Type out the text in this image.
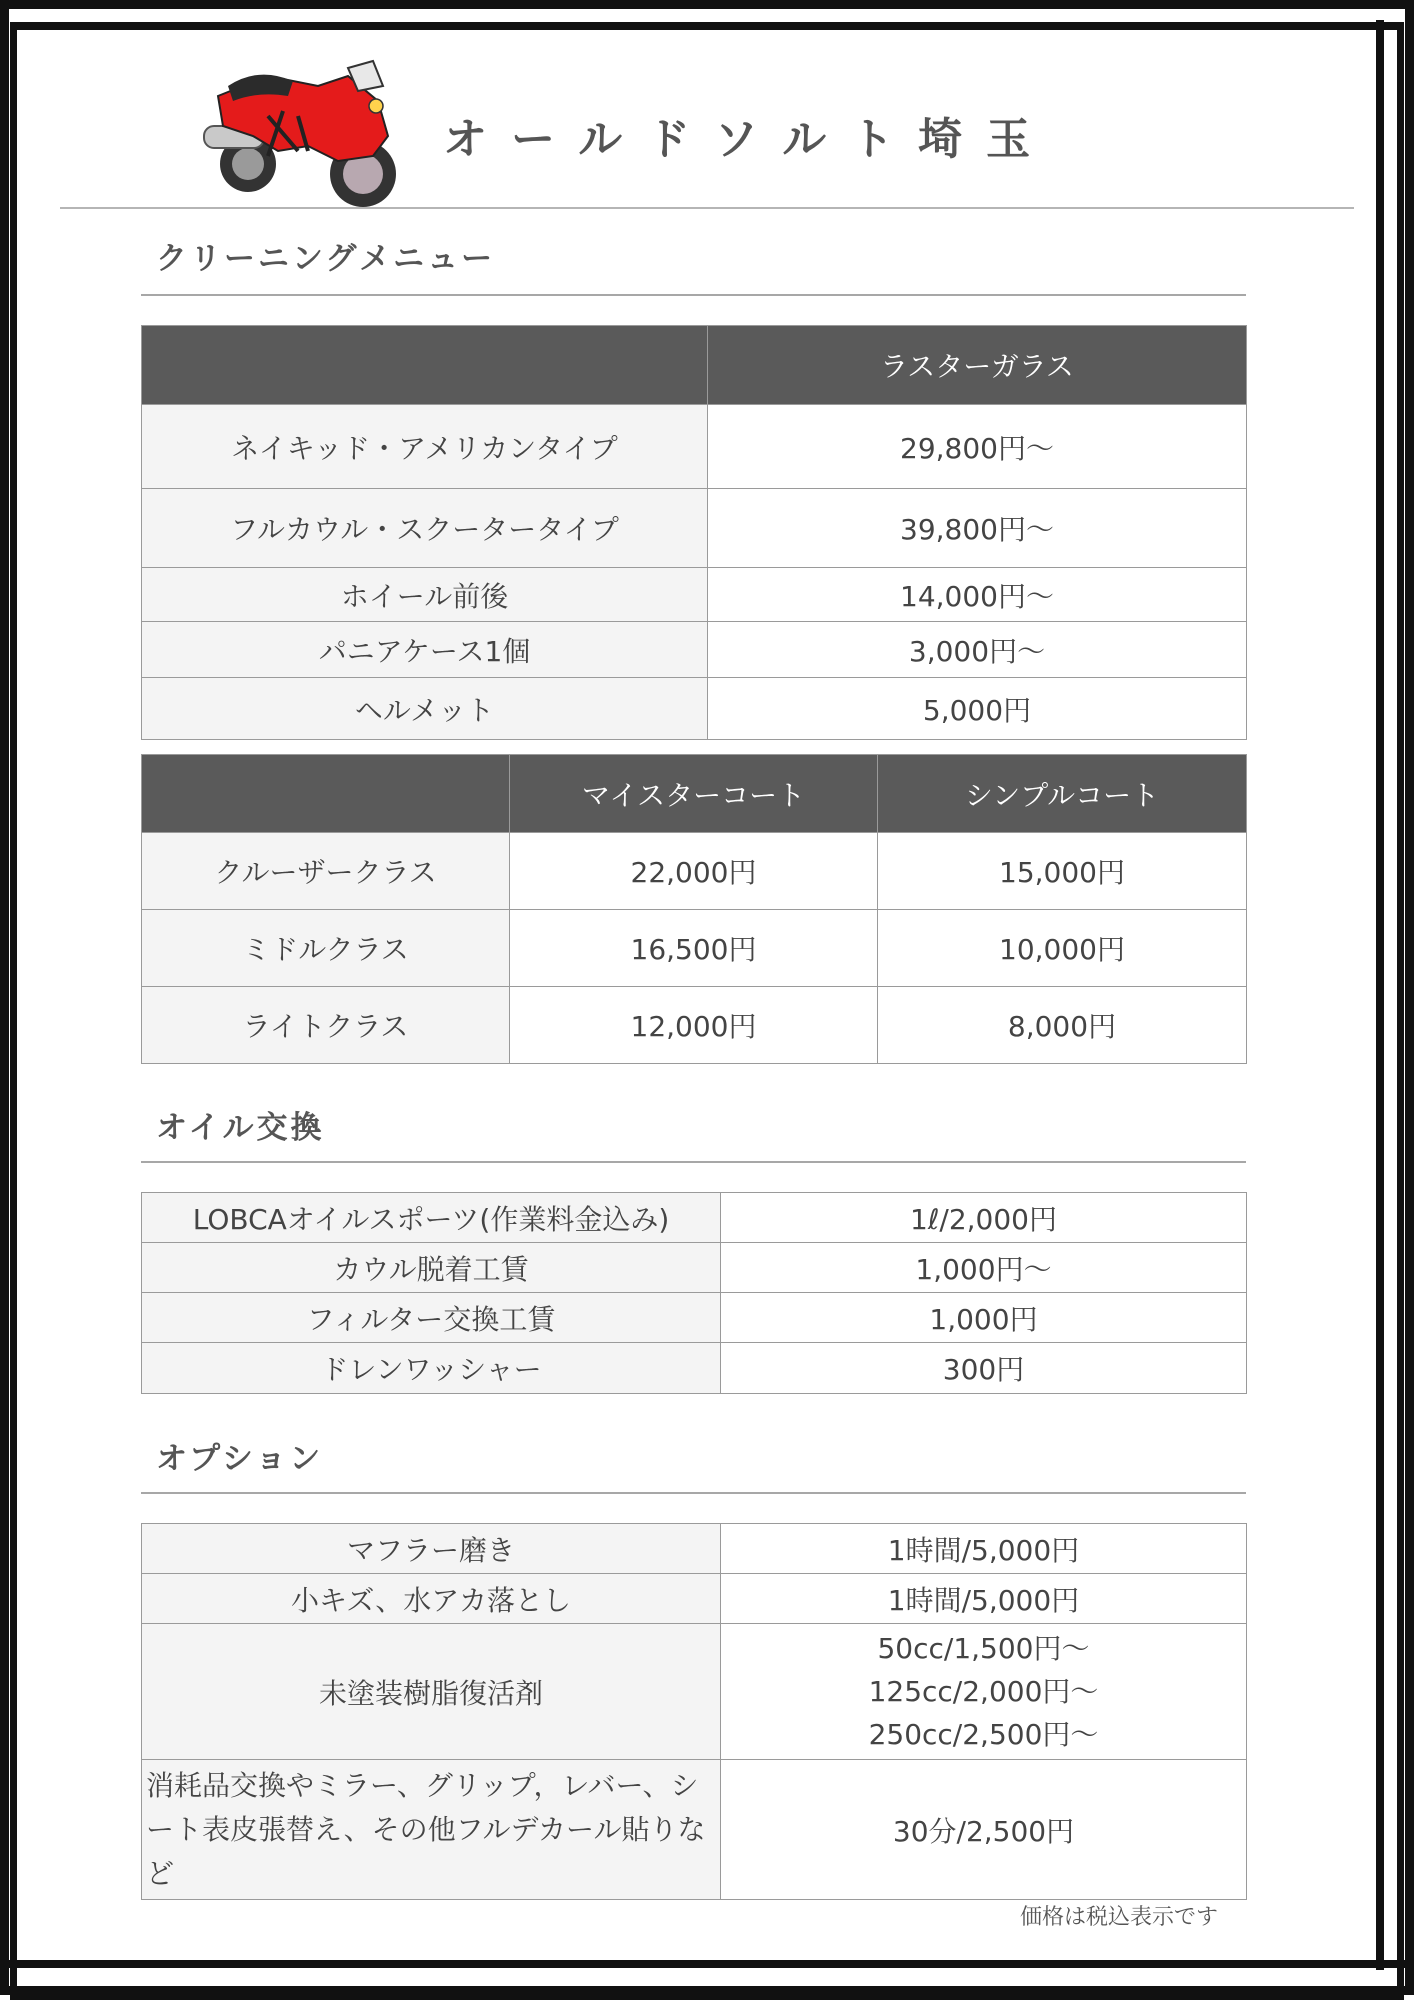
オールドソルト埼玉
クリーニングメニュー
	ラスターガラス
ネイキッド・アメリカンタイプ	29,800円～
フルカウル・スクータータイプ	39,800円～
ホイール前後	14,000円～
パニアケース1個	3,000円～
ヘルメット	5,000円
	マイスターコート	シンプルコート
クルーザークラス	22,000円	15,000円
ミドルクラス	16,500円	10,000円
ライトクラス	12,000円	8,000円
オイル交換
LOBCAオイルスポーツ(作業料金込み)	1ℓ/2,000円
カウル脱着工賃	1,000円～
フィルター交換工賃	1,000円
ドレンワッシャー	300円
オプション
マフラー磨き	1時間/5,000円
小キズ、水アカ落とし	1時間/5,000円
未塗装樹脂復活剤	50cc/1,500円～
125cc/2,000円～
250cc/2,500円～

消耗品交換やミラー、グリップ，レバー、シート表皮張替え、その他フルデカール貼りなど	30分/2,500円
価格は税込表示です
